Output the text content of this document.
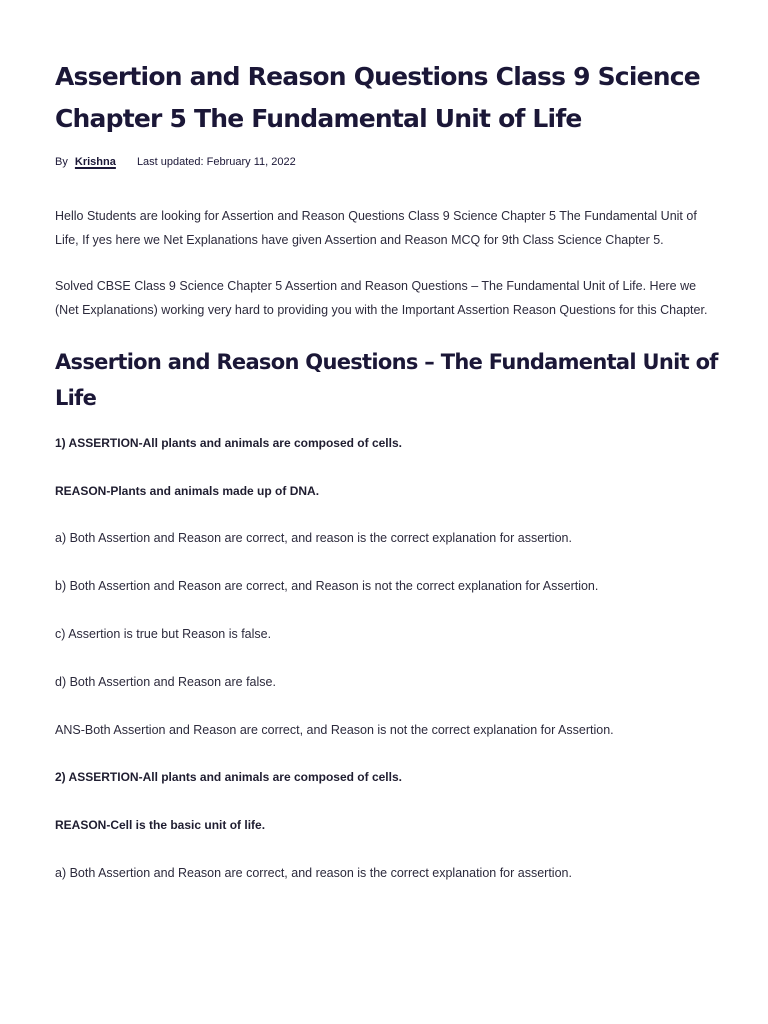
Assertion and Reason Questions Class 9 Science Chapter 5 The Fundamental Unit of Life
By Krishna Last updated: February 11, 2022

Hello Students are looking for Assertion and Reason Questions Class 9 Science Chapter 5 The Fundamental Unit of Life, If yes here we Net Explanations have given Assertion and Reason MCQ for 9th Class Science Chapter 5.

Solved CBSE Class 9 Science Chapter 5 Assertion and Reason Questions – The Fundamental Unit of Life. Here we (Net Explanations) working very hard to providing you with the Important Assertion Reason Questions for this Chapter.

Assertion and Reason Questions – The Fundamental Unit of Life
1) ASSERTION-All plants and animals are composed of cells.
REASON-Plants and animals made up of DNA.
a) Both Assertion and Reason are correct, and reason is the correct explanation for assertion.
b) Both Assertion and Reason are correct, and Reason is not the correct explanation for Assertion.
c) Assertion is true but Reason is false.
d) Both Assertion and Reason are false.
ANS-Both Assertion and Reason are correct, and Reason is not the correct explanation for Assertion.
2) ASSERTION-All plants and animals are composed of cells.
REASON-Cell is the basic unit of life.
a) Both Assertion and Reason are correct, and reason is the correct explanation for assertion.
